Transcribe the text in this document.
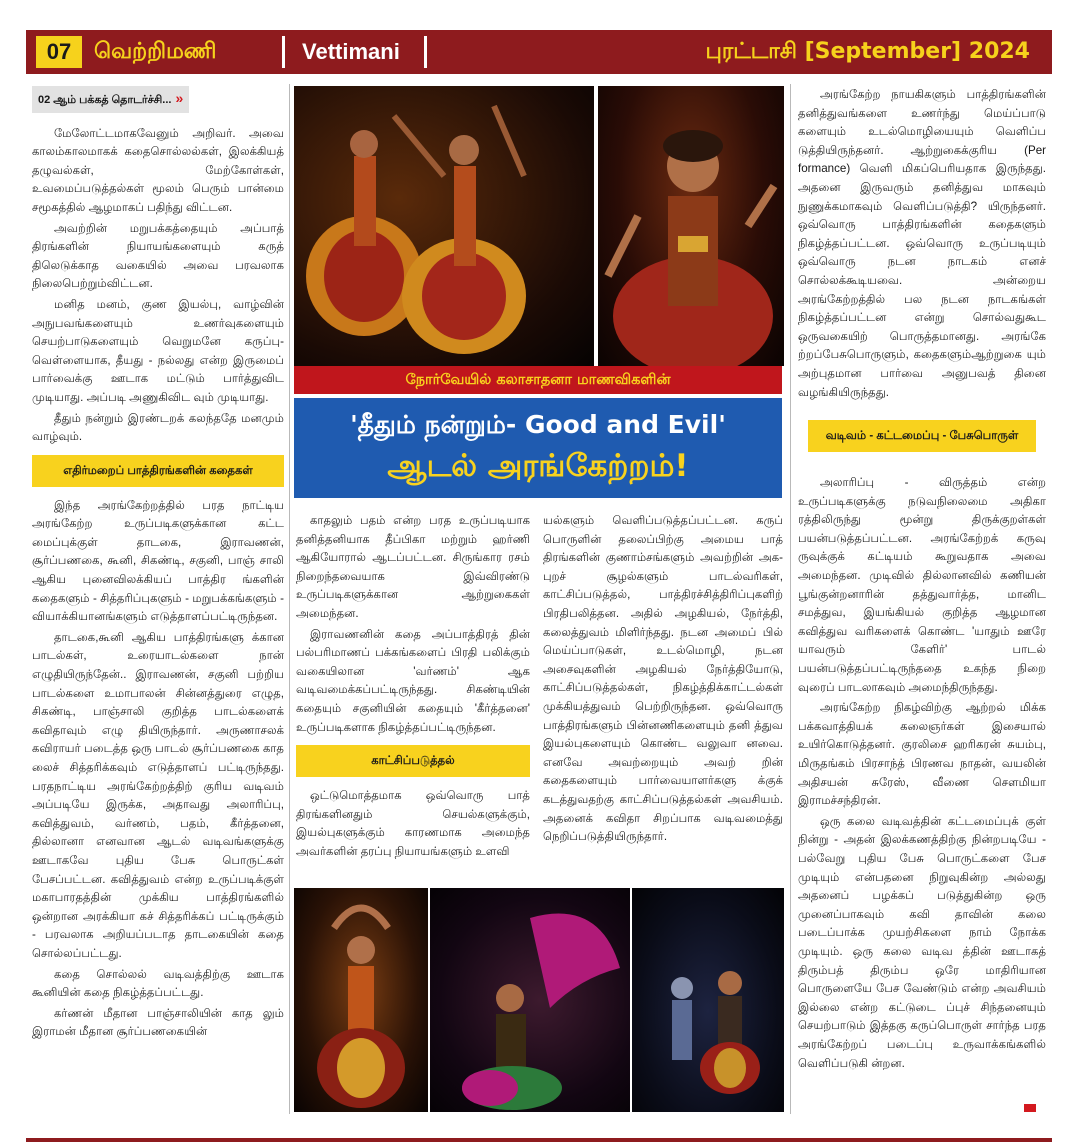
07	வெற்றிமணி	Vettimani	புரட்டாசி [September] 2024
02 ஆம் பக்கத் தொடர்ச்சி... »

மேலோட்டமாகவேனும் அறிவர். அவை காலம்காலமாகக் கதைசொல்லல்கள், இலக்கியத் தழுவல்கள், மேற்கோள்கள், உவமைப்படுத்தல்கள் மூலம் பெரும் பான்மை சமூகத்தில் ஆழமாகப் பதிந்து விட்டன.

அவற்றின் மறுபக்கத்தையும் அப்பாத் திரங்களின் நியாயங்களையும் கருத் திலெடுக்காத வகையில் அவை பரவலாக நிலைபெற்றும்விட்டன.

மனித மனம், குண இயல்பு, வாழ்வின் அநுபவங்களையும் உணர்வுகளையும் செயற்பாடுகளையும் வெறுமனே கருப்பு-வெள்ளையாக, தீயது - நல்லது என்ற இருமைப் பார்வைக்கு ஊடாக மட்டும் பார்த்துவிட முடியாது. அப்படி அணுகிவிட வும் முடியாது.

தீதும் நன்றும் இரண்டறக் கலந்ததே மனமும் வாழ்வும்.

எதிர்மறைப் பாத்திரங்களின் கதைகள்

இந்த அரங்கேற்றத்தில் பரத நாட்டிய அரங்கேற்ற உருப்படிகளுக்கான கட்ட மைப்புக்குள் தாடகை, இராவணன், சூர்ப்பணகை, கூனி, சிகண்டி, சகுனி, பாஞ் சாலி ஆகிய புனைவிலக்கியப் பாத்திர ங்களின் கதைகளும் - சித்தரிப்புகளும் - மறுபக்கங்களும் - வியாக்கியானங்களும் எடுத்தாளப்பட்டிருந்தன.

தாடகை,கூனி ஆகிய பாத்திரங்களு க்கான பாடல்கள், உரையாடல்களை நான் எழுதியிருந்தேன்.. இராவணன், சகுனி பற்றிய பாடல்களை உமாபாலன் சின்னத்துரை எழுத, சிகண்டி, பாஞ்சாலி குறித்த பாடல்களைக் கவிதாவும் எழு தியிருந்தார். அருணாசலக் கவிராயர் படைத்த ஒரு பாடல் சூர்ப்பணகை காத லைச் சித்தரிக்கவும் எடுத்தாளப் பட்டிருந்தது. பரதநாட்டிய அரங்கேற்றத்திற் குரிய வடிவம் அப்படியே இருக்க, அதாவது அலாரிப்பு, கவித்துவம், வர்ணம், பதம், கீர்த்தனை, தில்லானா எனவான ஆடல் வடிவங்களுக்கு ஊடாகவே புதிய பேசு பொருட்கள் பேசப்பட்டன. கவித்துவம் என்ற உருப்படிக்குள் மகாபாரதத்தின் முக்கிய பாத்திரங்களில் ஒன்றான அரக்கியா கச் சித்தரிக்கப் பட்டிருக்கும் - பரவலாக அறியப்படாத தாடகையின் கதை சொல்லப்பட்டது.

கதை சொல்லல் வடிவத்திற்கு ஊடாக கூனியின் கதை நிகழ்த்தப்பட்டது.

கர்ணன் மீதான பாஞ்சாலியின் காத லும் இராமன் மீதான சூர்ப்பணகையின்

நோர்வேயில் கலாசாதனா மாணவிகளின்
'தீதும் நன்றும்- Good and Evil'
ஆடல் அரங்கேற்றம்!

காதலும் பதம் என்ற பரத உருப்படியாக தனித்தனியாக தீப்பிகா மற்றும் ஹர்ணி ஆகியோரால் ஆடப்பட்டன. சிருங்கார ரசம் நிறைந்தவையாக இவ்விரண்டு உருப்படிகளுக்கான ஆற்றுகைகள் அமைந்தன.

இராவணனின் கதை அப்பாத்திரத் தின் பல்பரிமாணப் பக்கங்களைப் பிரதி பலிக்கும் வகையிலான 'வர்ணம்' ஆக வடிவமைக்கப்பட்டிருந்தது. சிகண்டியின் கதையும் சகுனியின் கதையும் 'கீர்த்தனை' உருப்படிகளாக நிகழ்த்தப்பட்டிருந்தன.

காட்சிப்படுத்தல்

ஒட்டுமொத்தமாக ஒவ்வொரு பாத் திரங்களினதும் செயல்களுக்கும், இயல்புகளுக்கும் காரணமாக அமைந்த அவர்களின் தரப்பு நியாயங்களும் உளவி

யல்களும் வெளிப்படுத்தப்பட்டன. கருப் பொருளின் தலைப்பிற்கு அமைய பாத் திரங்களின் குணாம்சங்களும் அவற்றின் அக-புறச் சூழல்களும் பாடல்வரிகள், காட்சிப்படுத்தல், பாத்திரச்சித்திரிப்புகளிற் பிரதிபலித்தன. அதில் அழகியல், நேர்த்தி, கலைத்துவம் மிளிர்ந்தது. நடன அமைப் பில் மெய்ப்பாடுகள், உடல்மொழி, நடன அசைவுகளின் அழகியல் நேர்த்தியோடு, காட்சிப்படுத்தல்கள், நிகழ்த்திக்காட்டல்கள் முக்கியத்துவம் பெற்றிருந்தன. ஒவ்வொரு பாத்திரங்களும் பின்னணிகளையும் தனி த்துவ இயல்புகளையும் கொண்ட வலுவா னவை. எனவே அவற்றையும் அவற் றின் கதைகளையும் பார்வையாளர்களு க்குக் கடத்துவதற்கு காட்சிப்படுத்தல்கள் அவசியம். அதனைக் கவிதா சிறப்பாக வடிவமைத்து நெறிப்படுத்தியிருந்தார்.

அரங்கேற்ற நாயகிகளும் பாத்திரங்களின் தனித்துவங்களை உணர்ந்து மெய்ப்பாடு களையும் உடல்மொழியையும் வெளிப்ப டுத்தியிருந்தனர். ஆற்றுகைக்குரிய (Per formance) வெளி மிகப்பெரியதாக இருந்தது. அதனை இருவரும் தனித்துவ மாகவும் நுணுக்கமாகவும் வெளிப்படுத்தி? யிருந்தனர். ஒவ்வொரு பாத்திரங்களின் கதைகளும் நிகழ்த்தப்பட்டன. ஒவ்வொரு உருப்படியும் ஒவ்வொரு நடன நாடகம் எனச் சொல்லக்கூடியவை. அன்றைய அரங்கேற்றத்தில் பல நடன நாடகங்கள் நிகழ்த்தப்பட்டன என்று சொல்வதுகூட ஒருவகையிற் பொருத்தமானது. அரங்கே ற்றப்பேசுபொருளும், கதைகளும்ஆற்றுகை யும் அற்புதமான பார்வை அனுபவத் தினை வழங்கியிருந்தது.

வடிவம் - கட்டமைப்பு - பேசுபொருள்

அலாரிப்பு - விருத்தம் என்ற உருப்படிகளுக்கு நடுவநிலைமை அதிகா ரத்திலிருந்து மூன்று திருக்குறள்கள் பயன்படுத்தப்பட்டன. அரங்கேற்றக் கருவு ருவுக்குக் கட்டியம் கூறுவதாக அவை அமைந்தன. முடிவில் தில்லானவில் கணியன் பூங்குன்றனாரின் தத்துவார்த்த, மானிட சமத்துவ, இயங்கியல் குறித்த ஆழமான கவித்துவ வரிகளைக் கொண்ட 'யாதும் ஊரே யாவரும் கேளிர்' பாடல் பயன்படுத்தப்பட்டிருந்ததை உகந்த நிறை வுரைப் பாடலாகவும் அமைந்திருந்தது.

அரங்கேற்ற நிகழ்விற்கு ஆற்றல் மிக்க பக்கவாத்தியக் கலைஞர்கள் இசையால் உயிர்கொடுத்தனர். குரலிசை ஹரிகரன் சுயம்பு, மிருதங்கம் பிரசாந்த் பிரணவ நாதன், வயலின் அதிசயன் சுரேஸ், வீணை சௌமியா இராமச்சந்திரன்.

ஒரு கலை வடிவத்தின் கட்டமைப்புக் குள் நின்று - அதன் இலக்கணத்திற்கு நின்றபடியே - பல்வேறு புதிய பேசு பொருட்களை பேச முடியும் என்பதனை நிறுவுகின்ற அல்லது அதனைப் பழக்கப் படுத்துகின்ற ஒரு முனைப்பாகவும் கவி தாவின் கலை படைப்பாக்க முயற்சிகளை நாம் நோக்க முடியும். ஒரு கலை வடிவ த்தின் ஊடாகத் திரும்பத் திரும்ப ஒரே மாதிரியான பொருளையே பேச வேண்டும் என்ற அவசியம் இல்லை என்ற கட்டுடை ப்புச் சிந்தனையும் செயற்பாடும் இத்தகு கருப்பொருள் சார்ந்த பரத அரங்கேற்றப் படைப்பு உருவாக்கங்களில் வெளிப்படுகி ன்றன.
